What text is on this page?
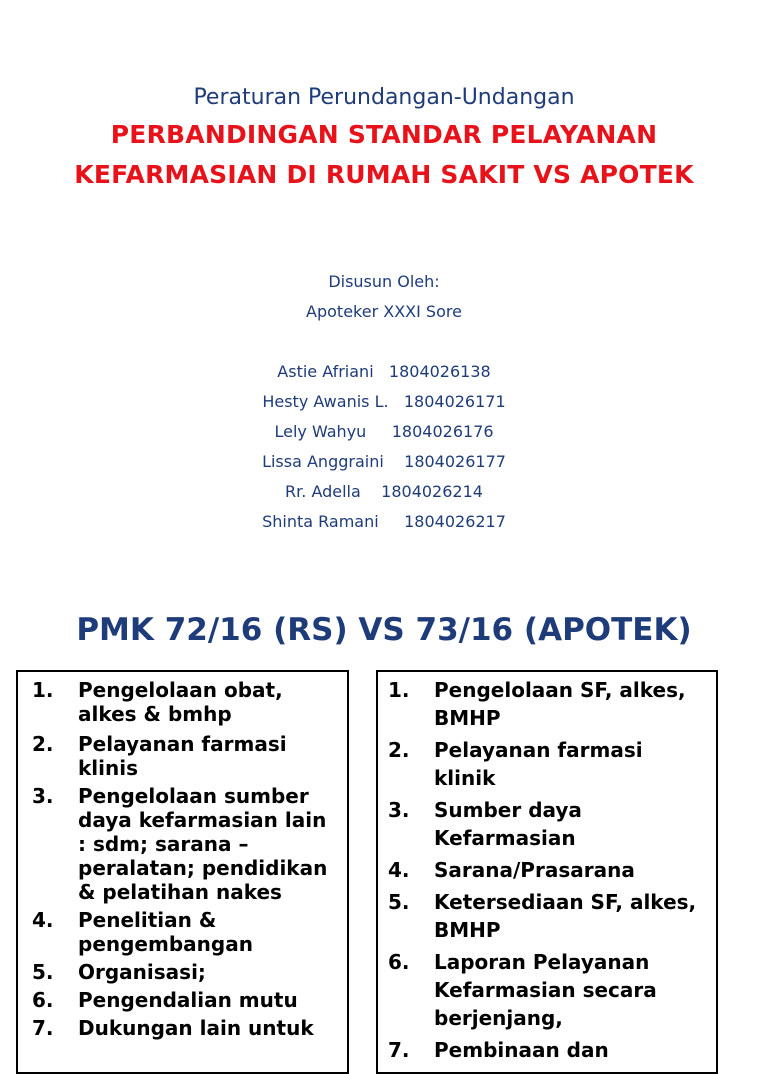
Peraturan Perundangan-Undangan
PERBANDINGAN STANDAR PELAYANAN
KEFARMASIAN DI RUMAH SAKIT VS APOTEK
Disusun Oleh:
Apoteker XXXI Sore
Astie Afriani 1804026138
Hesty Awanis L. 1804026171
Lely Wahyu 1804026176
Lissa Anggraini 1804026177
Rr. Adella 1804026214
Shinta Ramani 1804026217
PMK 72/16 (RS) VS 73/16 (APOTEK)
1.	Pengelolaan obat, alkes & bmhp
2.	Pelayanan farmasi klinis
3.	Pengelolaan sumber daya kefarmasian lain : sdm; sarana – peralatan; pendidikan & pelatihan nakes
4.	Penelitian & pengembangan
5.	Organisasi;
6.	Pengendalian mutu
7.	Dukungan lain untuk
1.	Pengelolaan SF, alkes, BMHP
2.	Pelayanan farmasi klinik
3.	Sumber daya Kefarmasian
4.	Sarana/Prasarana
5.	Ketersediaan SF, alkes, BMHP
6.	Laporan Pelayanan Kefarmasian secara berjenjang,
7.	Pembinaan dan
